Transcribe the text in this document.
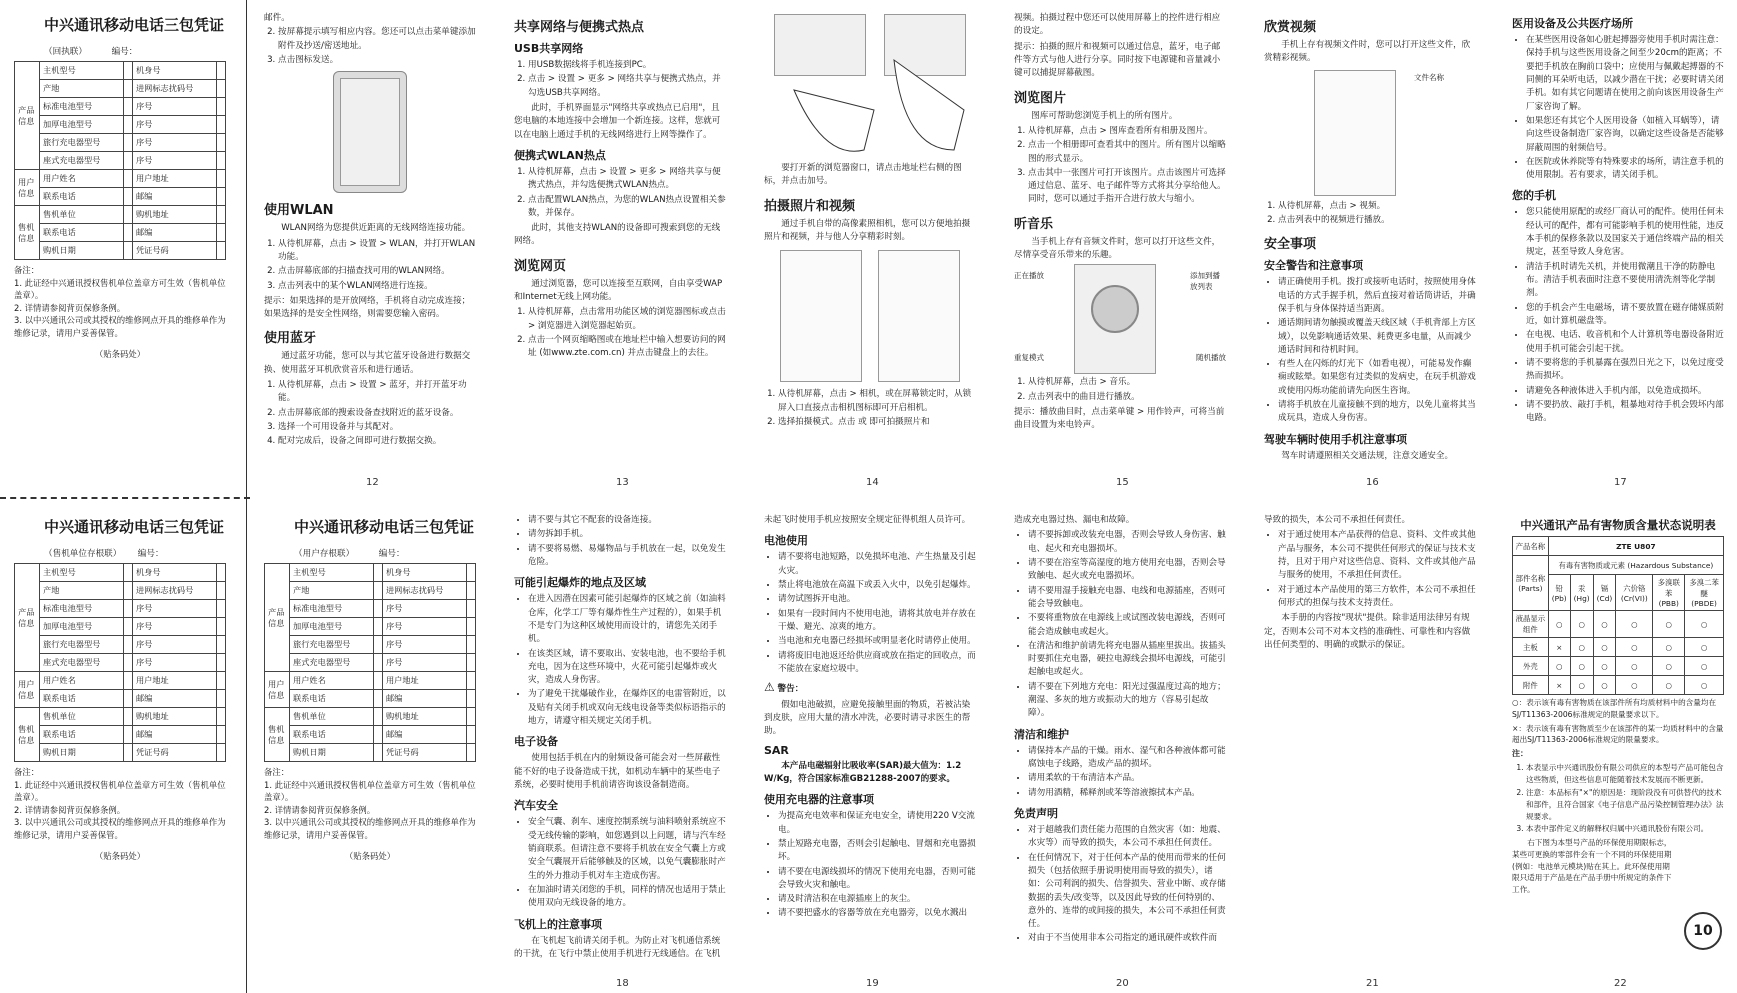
中兴通讯移动电话三包凭证
（回执联）	编号：
产品信息	主机型号		机身号	
	产地		进网标志扰码号	
	标准电池型号		序号	
	加厚电池型号		序号	
	旅行充电器型号		序号	
	座式充电器型号		序号	
用户信息	用户姓名		用户地址	
	联系电话		邮编	
售机信息	售机单位		购机地址	
	联系电话		邮编	
	购机日期		凭证号码	
备注：
1. 此证经中兴通讯授权售机单位盖章方可生效（售机单位盖章）。
2. 详情请参阅背页保修条例。
3. 以中兴通讯公司或其授权的维修网点开具的维修单作为维修记录，请用户妥善保管。
（贴条码处）
中兴通讯移动电话三包凭证
（售机单位存根联） 编号：
产品信息	主机型号		机身号	
	产地		进网标志扰码号	
	标准电池型号		序号	
	加厚电池型号		序号	
	旅行充电器型号		序号	
	座式充电器型号		序号	
用户信息	用户姓名		用户地址	
	联系电话		邮编	
售机信息	售机单位		购机地址	
	联系电话		邮编	
	购机日期		凭证号码	
备注：
1. 此证经中兴通讯授权售机单位盖章方可生效（售机单位盖章）。
2. 详情请参阅背页保修条例。
3. 以中兴通讯公司或其授权的维修网点开具的维修单作为维修记录，请用户妥善保管。
（贴条码处）
中兴通讯移动电话三包凭证
（用户存根联）	编号：
产品信息	主机型号		机身号	
	产地		进网标志扰码号	
	标准电池型号		序号	
	加厚电池型号		序号	
	旅行充电器型号		序号	
	座式充电器型号		序号	
用户信息	用户姓名		用户地址	
	联系电话		邮编	
售机信息	售机单位		购机地址	
	联系电话		邮编	
	购机日期		凭证号码	
备注：
1. 此证经中兴通讯授权售机单位盖章方可生效（售机单位盖章）。
2. 详情请参阅背页保修条例。
3. 以中兴通讯公司或其授权的维修网点开具的维修单作为维修记录，请用户妥善保管。
（贴条码处）
邮件。
2. 按屏幕提示填写相应内容。您还可以点击菜单键添加附件及抄送/密送地址。
3. 点击图标发送。
使用WLAN

WLAN网络为您提供近距离的无线网络连接功能。

1. 从待机屏幕，点击 > 设置 > WLAN，并打开WLAN功能。
2. 点击屏幕底部的扫描查找可用的WLAN网络。
3. 点击列表中的某个WLAN网络进行连接。

提示：如果选择的是开放网络，手机将自动完成连接；如果选择的是安全性网络，则需要您输入密码。

使用蓝牙

通过蓝牙功能，您可以与其它蓝牙设备进行数据交换、使用蓝牙耳机欣赏音乐和进行通话。

1. 从待机屏幕，点击 > 设置 > 蓝牙，并打开蓝牙功能。
2. 点击屏幕底部的搜索设备查找附近的蓝牙设备。
3. 选择一个可用设备并与其配对。
4. 配对完成后，设备之间即可进行数据交换。
12
共享网络与便携式热点
USB共享网络
1. 用USB数据线将手机连接到PC。
2. 点击 > 设置 > 更多 > 网络共享与便携式热点，并勾选USB共享网络。

此时，手机界面显示"网络共享或热点已启用"，且您电脑的本地连接中会增加一个新连接。这样，您就可以在电脑上通过手机的无线网络进行上网等操作了。

便携式WLAN热点
1. 从待机屏幕，点击 > 设置 > 更多 > 网络共享与便携式热点，并勾选便携式WLAN热点。
2. 点击配置WLAN热点，为您的WLAN热点设置相关参数，并保存。

此时，其他支持WLAN的设备即可搜索到您的无线网络。

浏览网页

通过浏览器，您可以连接至互联网，自由享受WAP和Internet无线上网功能。

1. 从待机屏幕，点击常用功能区域的浏览器图标或点击 > 浏览器进入浏览器起始页。
2. 点击一个网页缩略图或在地址栏中输入想要访问的网址 (如www.zte.com.cn) 并点击键盘上的去往。
13

要打开新的浏览器窗口，请点击地址栏右侧的图标，并点击加号。

拍摄照片和视频

通过手机自带的高像素照相机，您可以方便地拍摄照片和视频，并与他人分享精彩时刻。

1. 从待机屏幕，点击 > 相机，或在屏幕锁定时，从锁屏入口直接点击相机图标即可开启相机。
2. 选择拍摄模式。点击 或 即可拍摄照片和
14

视频。拍摄过程中您还可以使用屏幕上的控件进行相应的设定。

提示：拍摄的照片和视频可以通过信息，蓝牙，电子邮件等方式与他人进行分享。同时按下电源键和音量减小键可以捕捉屏幕截图。

浏览图片

图库可帮助您浏览手机上的所有图片。

1. 从待机屏幕，点击 > 图库查看所有相册及图片。
2. 点击一个相册即可查看其中的图片。所有图片以缩略图的形式显示。
3. 点击其中一张图片可打开该图片。点击该图片可选择通过信息、蓝牙、电子邮件等方式将其分享给他人。同时，您可以通过手指开合进行放大与缩小。
听音乐

当手机上存有音频文件时，您可以打开这些文件，尽情享受音乐带来的乐趣。

正在播放	添加到播放列表
重复模式	随机播放
1. 从待机屏幕，点击 > 音乐。
2. 点击列表中的曲目进行播放。

提示：播放曲目时，点击菜单键 > 用作铃声，可将当前曲目设置为来电铃声。

15
欣赏视频

手机上存有视频文件时，您可以打开这些文件，欣赏精彩视频。

文件名称
1. 从待机屏幕，点击 > 视频。
2. 点击列表中的视频进行播放。
安全事项
安全警告和注意事项
• 请正确使用手机。拨打或接听电话时，按照使用身体电话的方式手握手机，然后直接对着话筒讲话，并确保手机与身体保持适当距离。
• 通话期间请勿触摸或覆盖天线区域（手机背部上方区域），以免影响通话效果、耗费更多电量，从而减少通话时间和待机时间。
• 有些人在闪烁的灯光下（如看电视），可能易发作癫痫或眩晕。如果您有过类似的发病史，在玩手机游戏或使用闪烁功能前请先向医生咨询。
• 请将手机放在儿童接触不到的地方，以免儿童将其当成玩具，造成人身伤害。
驾驶车辆时使用手机注意事项

驾车时请遵照相关交通法规，注意交通安全。

16
医用设备及公共医疗场所
• 在某些医用设备如心脏起搏器旁使用手机时需注意：保持手机与这些医用设备之间至少20cm的距离；不要把手机放在胸前口袋中；应使用与佩戴起搏器的不同侧的耳朵听电话，以减少潜在干扰；必要时请关闭手机。如有其它问题请在使用之前向该医用设备生产厂家咨询了解。
• 如果您还有其它个人医用设备（如植入耳蜗等），请向这些设备制造厂家咨询，以确定这些设备是否能够屏蔽周围的射频信号。
• 在医院或休养院等有特殊要求的场所，请注意手机的使用限制。若有要求，请关闭手机。
您的手机
• 您只能使用原配的或经厂商认可的配件。使用任何未经认可的配件，都有可能影响手机的使用性能，违反本手机的保修条款以及国家关于通信终端产品的相关规定，甚至导致人身危害。
• 清洁手机时请先关机，并使用微潮且干净的防静电布。清洁手机表面时注意不要使用清洗剂等化学制剂。
• 您的手机会产生电磁场，请不要放置在磁存储媒质附近，如计算机磁盘等。
• 在电视、电话、收音机和个人计算机等电器设备附近使用手机可能会引起干扰。
• 请不要将您的手机暴露在强烈日光之下，以免过度受热而损坏。
• 请避免各种液体进入手机内部，以免造成损坏。
• 请不要扔放、敲打手机，粗暴地对待手机会毁坏内部电路。
17
• 请不要与其它不配套的设备连接。
• 请勿拆卸手机。
• 请不要将易燃、易爆物品与手机放在一起，以免发生危险。
可能引起爆炸的地点及区域
• 在进入因潜在因素可能引起爆炸的区域之前（如油料仓库，化学工厂等有爆炸性生产过程的），如果手机不是专门为这种区域使用而设计的，请您先关闭手机。
• 在该类区域，请不要取出、安装电池，也不要给手机充电，因为在这些环境中，火花可能引起爆炸或火灾，造成人身伤害。
• 为了避免干扰爆破作业，在爆炸区的电雷管附近，以及贴有关闭手机或双向无线电设备等类似标语指示的地方，请遵守相关规定关闭手机。
电子设备

使用包括手机在内的射频设备可能会对一些屏蔽性能不好的电子设备造成干扰，如机动车辆中的某些电子系统，必要时使用手机前请咨询该设备制造商。

汽车安全
• 安全气囊、刹车、速度控制系统与油料喷射系统应不受无线传输的影响，如您遇到以上问题，请与汽车经销商联系。但请注意不要将手机放在安全气囊上方或安全气囊展开后能够触及的区域，以免气囊膨胀时产生的外力推动手机对车主造成伤害。
• 在加油时请关闭您的手机，同样的情况也适用于禁止使用双向无线设备的地方。
飞机上的注意事项

在飞机起飞前请关闭手机。为防止对飞机通信系统的干扰，在飞行中禁止使用手机进行无线通信。在飞机

18

未起飞时使用手机应按照安全规定征得机组人员许可。

电池使用
• 请不要将电池短路，以免损坏电池、产生热量及引起火灾。
• 禁止将电池放在高温下或丢入火中，以免引起爆炸。
• 请勿试图拆开电池。
• 如果有一段时间内不使用电池，请将其放电并存放在干燥、避光、凉爽的地方。
• 当电池和充电器已经损坏或明显老化时请停止使用。
• 请将废旧电池返还给供应商或放在指定的回收点，而不能放在家庭垃圾中。

⚠ 警告：

假如电池破损，应避免接触里面的物质，若被沾染到皮肤，应用大量的清水冲洗，必要时请寻求医生的帮助。

SAR

本产品电磁辐射比吸收率(SAR)最大值为：1.2 W/Kg，符合国家标准GB21288-2007的要求。

使用充电器的注意事项
• 为提高充电效率和保证充电安全，请使用220 V交流电。
• 禁止短路充电器，否则会引起触电、冒烟和充电器损坏。
• 请不要在电源线损坏的情况下使用充电器，否则可能会导致火灾和触电。
• 请及时清洁积在电源插座上的灰尘。
• 请不要把盛水的容器等放在充电器旁，以免水溅出
19

造成充电器过热、漏电和故障。

• 请不要拆卸或改装充电器，否则会导致人身伤害、触电、起火和充电器损坏。
• 请不要在浴室等高湿度的地方使用充电器，否则会导致触电、起火或充电器损坏。
• 请不要用湿手接触充电器、电线和电源插座，否则可能会导致触电。
• 不要将重物放在电源线上或试图改装电源线，否则可能会造成触电或起火。
• 在清洁和维护前请先将充电器从插座里拔出。拔插头时要抓住充电器，硬拉电源线会损坏电源线，可能引起触电或起火。
• 请不要在下列地方充电：阳光过强温度过高的地方；潮湿、多灰的地方或振动大的地方（容易引起故障）。
清洁和维护
• 请保持本产品的干燥。雨水、湿气和各种液体都可能腐蚀电子线路，造成产品的损坏。
• 请用柔软的干布清洁本产品。
• 请勿用酒精，稀释剂或苯等溶液擦拭本产品。
免责声明
• 对于超越我们责任能力范围的自然灾害（如：地震、水灾等）而导致的损失，本公司不承担任何责任。
• 在任何情况下，对于任何本产品的使用而带来的任何损失（包括依照手册说明使用而导致的损失），诸如：公司利润的损失、信誉损失、营业中断、或存储数据的丢失/改变等，以及因此导致的任何特别的、意外的、连带的或间接的损失，本公司不承担任何责任。
• 对由于不当使用非本公司指定的通讯硬件或软件而
20

导致的损失，本公司不承担任何责任。

• 对于通过使用本产品获得的信息、资料、文件或其他产品与服务，本公司不提供任何形式的保证与技术支持，且对于用户对这些信息、资料、文件或其他产品与服务的使用，不承担任何责任。
• 对于通过本产品使用的第三方软件，本公司不承担任何形式的担保与技术支持责任。

本手册的内容按"现状"提供。除非适用法律另有规定，否则本公司不对本文档的准确性、可靠性和内容做出任何类型的、明确的或默示的保证。

21
中兴通讯产品有害物质含量状态说明表
产品名称	ZTE U807					
部件名称 (Parts)	有毒有害物质或元素 (Hazardous Substance)					
	铅 (Pb)	汞 (Hg)	镉 (Cd)	六价铬 (Cr(VI))	多溴联苯 (PBB)	多溴二苯醚 (PBDE)
液晶显示组件	○	○	○	○	○	○
主板	×	○	○	○	○	○
外壳	○	○	○	○	○	○
附件	×	○	○	○	○	○

○：表示该有毒有害物质在该部件所有均质材料中的含量均在SJ/T11363-2006标准规定的限量要求以下。

×：表示该有毒有害物质至少在该部件的某一均质材料中的含量超出SJ/T11363-2006标准规定的限量要求。

注：

1. 本表显示中兴通讯股份有限公司供应的本型号产品可能包含这些物质，但这些信息可能随着技术发展而不断更新。
2. 注意：本品标有"×"的原因是：现阶段没有可供替代的技术和部件，且符合国家《电子信息产品污染控制管理办法》法规要求。
3. 本表中部件定义的解释权归属中兴通讯股份有限公司。

右下图为本型号产品的环保使用期限标志，某些可更换的零部件会有一个不同的环保使用期(例如：电池单元模块)贴在其上。此环保使用期限只适用于产品是在产品手册中所规定的条件下工作。

10
22
